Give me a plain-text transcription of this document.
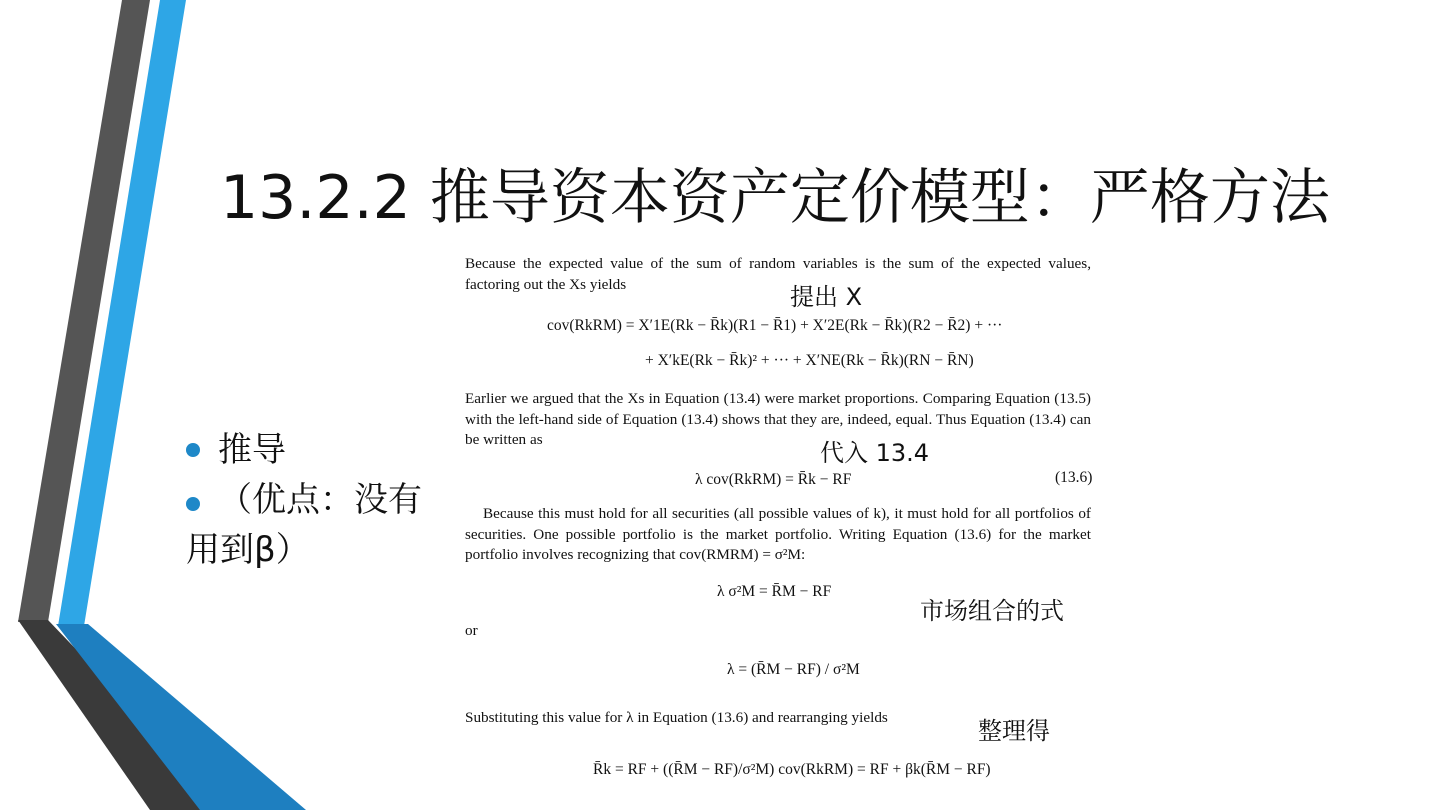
13.2.2 推导资本资产定价模型：严格方法
推导
（优点：没有用到β）
Because the expected value of the sum of random variables is the sum of the expected values, factoring out the Xs yields
cov(RkRM) = X′1E(Rk − R̄k)(R1 − R̄1) + X′2E(Rk − R̄k)(R2 − R̄2) + ···
+ X′kE(Rk − R̄k)² + ··· + X′NE(Rk − R̄k)(RN − R̄N)
Earlier we argued that the Xs in Equation (13.4) were market proportions. Comparing Equation (13.5) with the left-hand side of Equation (13.4) shows that they are, indeed, equal. Thus Equation (13.4) can be written as
λ cov(RkRM) = R̄k − RF	(13.6)
Because this must hold for all securities (all possible values of k), it must hold for all portfolios of securities. One possible portfolio is the market portfolio. Writing Equation (13.6) for the market portfolio involves recognizing that cov(RMRM) = σ²M:
λ σ²M = R̄M − RF
or
λ = (R̄M − RF) / σ²M
Substituting this value for λ in Equation (13.6) and rearranging yields
R̄k = RF + ((R̄M − RF)/σ²M) cov(RkRM) = RF + βk(R̄M − RF)
提出 X
代入 13.4
市场组合的式
整理得
